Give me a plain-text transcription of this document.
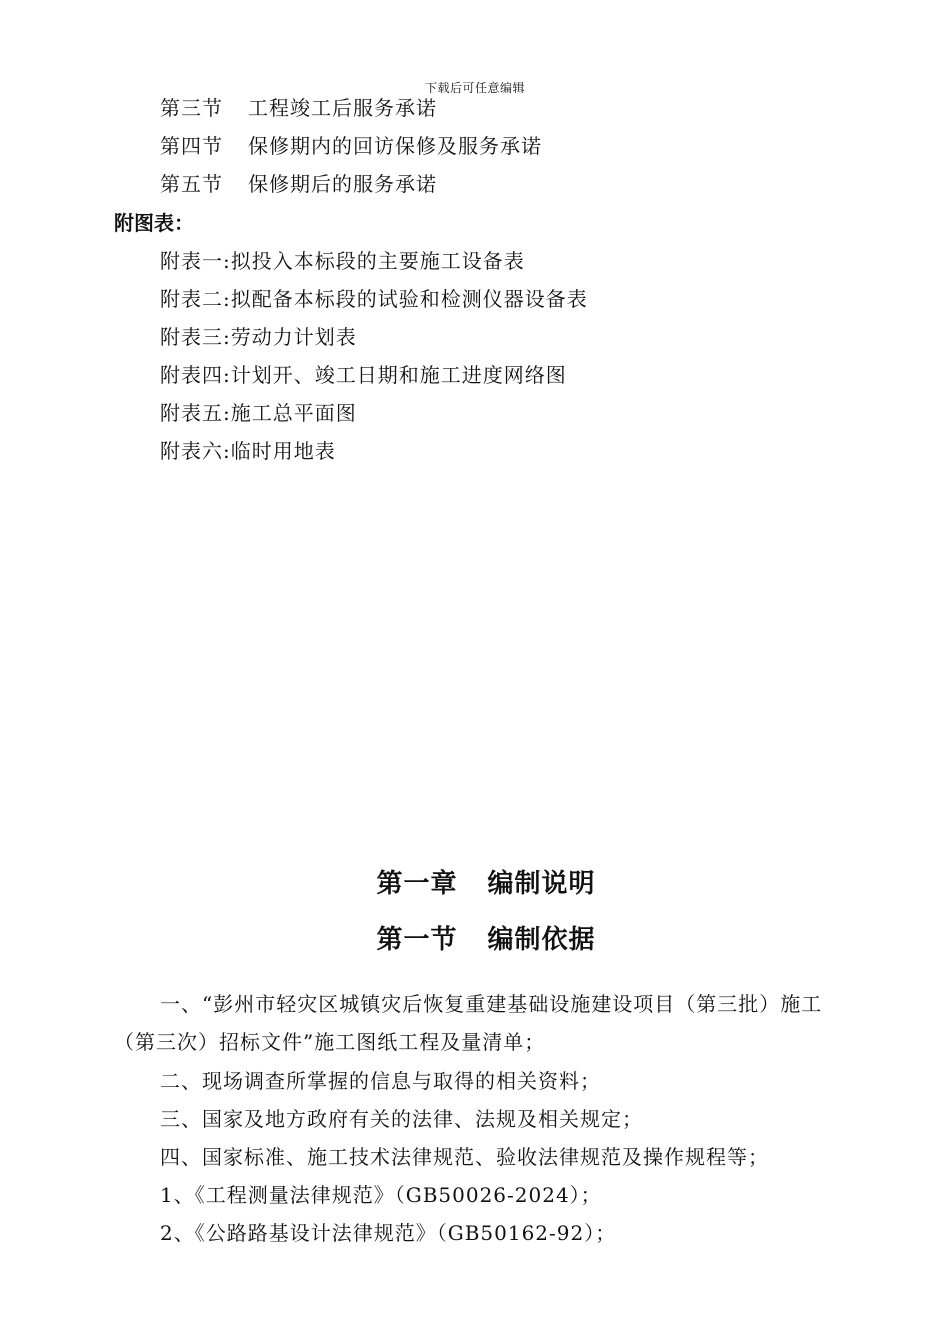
下载后可任意编辑
第三节 工程竣工后服务承诺
第四节 保修期内的回访保修及服务承诺
第五节 保修期后的服务承诺
附图表：
附表一:拟投入本标段的主要施工设备表
附表二:拟配备本标段的试验和检测仪器设备表
附表三:劳动力计划表
附表四:计划开、竣工日期和施工进度网络图
附表五:施工总平面图
附表六:临时用地表
第一章 编制说明
第一节 编制依据
一、“彭州市轻灾区城镇灾后恢复重建基础设施建设项目（第三批）施工（第三次）招标文件”施工图纸工程及量清单；
二、现场调查所掌握的信息与取得的相关资料；
三、国家及地方政府有关的法律、法规及相关规定；
四、国家标准、施工技术法律规范、验收法律规范及操作规程等；
1、《工程测量法律规范》（GB50026-2024）；
2、《公路路基设计法律规范》（GB50162-92）；
